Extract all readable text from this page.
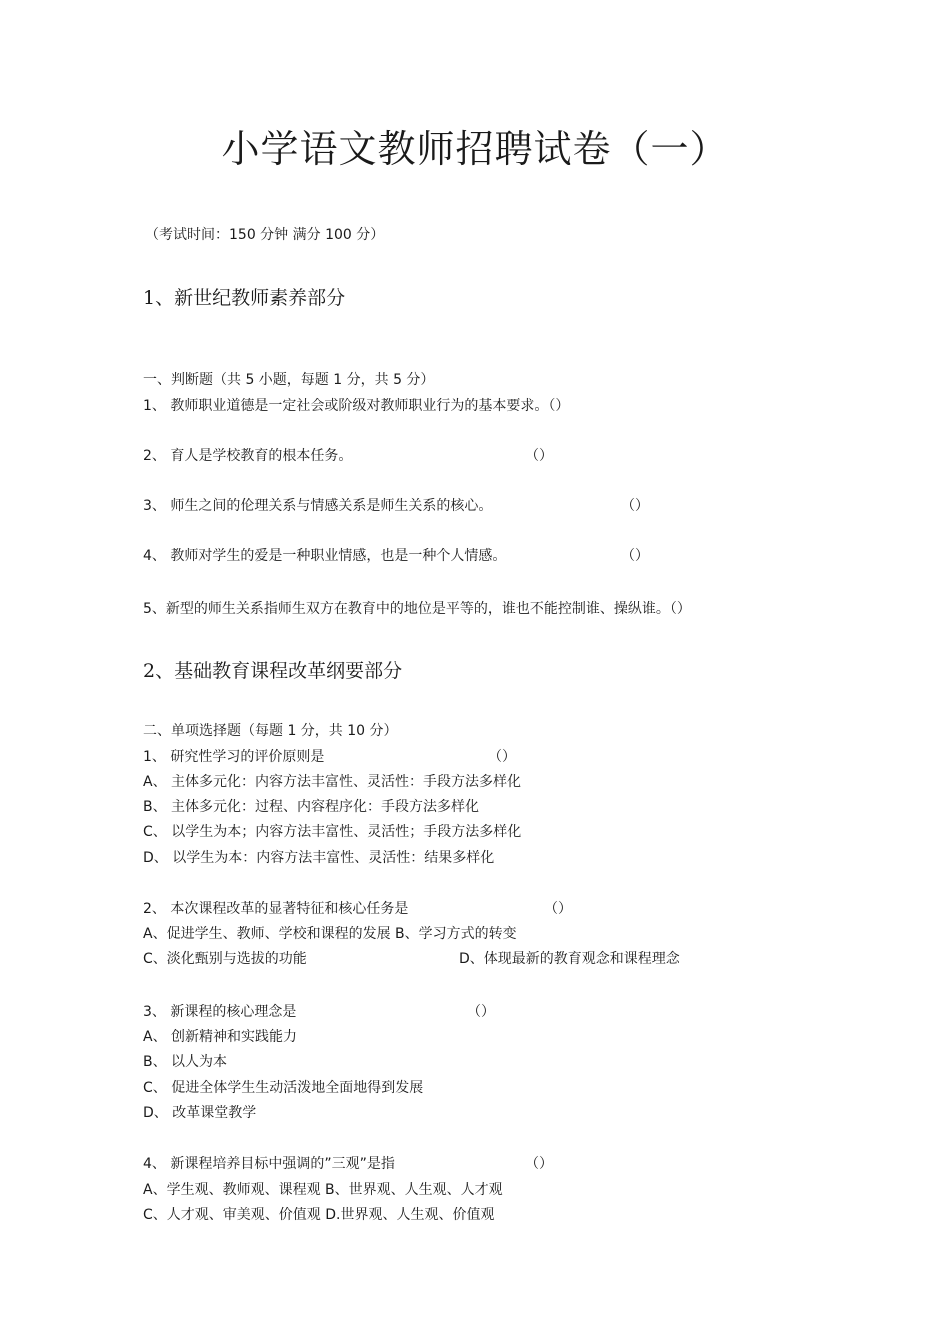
小学语文教师招聘试卷（一）
（考试时间：150 分钟 满分 100 分）
1、新世纪教师素养部分
一、判断题（共 5 小题，每题 1 分，共 5 分）
1、 教师职业道德是一定社会或阶级对教师职业行为的基本要求。（）
2、 育人是学校教育的根本任务。	（）
3、 师生之间的伦理关系与情感关系是师生关系的核心。	（）
4、 教师对学生的爱是一种职业情感，也是一种个人情感。	（）
5、新型的师生关系指师生双方在教育中的地位是平等的，谁也不能控制谁、操纵谁。（）
2、基础教育课程改革纲要部分
二、单项选择题（每题 1 分，共 10 分）
1、 研究性学习的评价原则是	（）
A、 主体多元化：内容方法丰富性、灵活性：手段方法多样化
B、 主体多元化：过程、内容程序化：手段方法多样化
C、 以学生为本；内容方法丰富性、灵活性；手段方法多样化
D、 以学生为本：内容方法丰富性、灵活性：结果多样化
2、 本次课程改革的显著特征和核心任务是	（）
A、促进学生、教师、学校和课程的发展 B、学习方式的转变
C、淡化甄别与选拔的功能	D、体现最新的教育观念和课程理念
3、 新课程的核心理念是	（）
A、 创新精神和实践能力
B、 以人为本
C、 促进全体学生生动活泼地全面地得到发展
D、 改革课堂教学
4、 新课程培养目标中强调的”三观”是指	（）
A、学生观、教师观、课程观 B、世界观、人生观、人才观
C、人才观、审美观、价值观 D.世界观、人生观、价值观
